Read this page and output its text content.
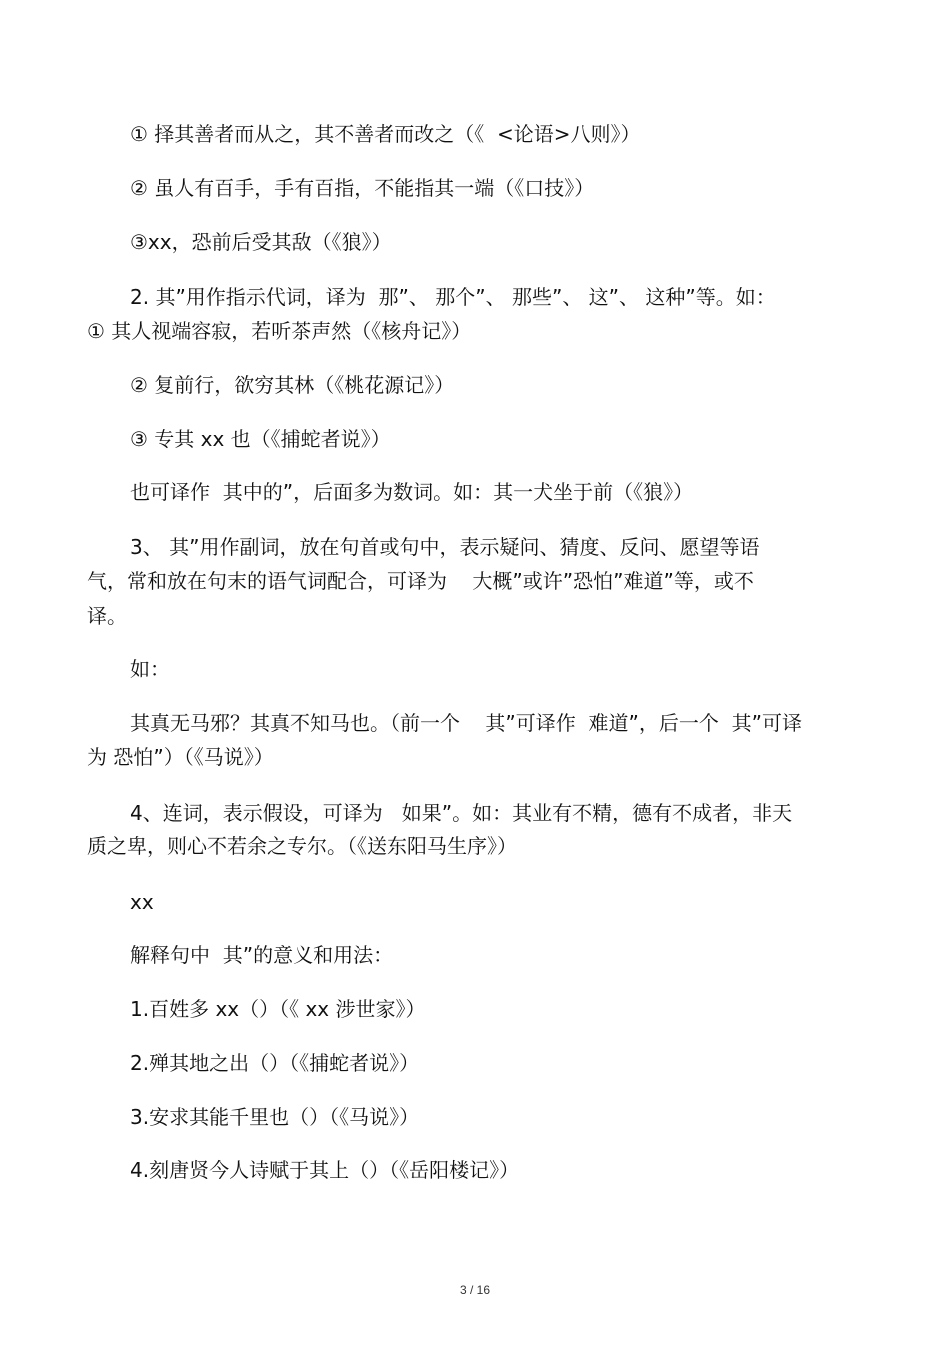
① 择其善者而从之，其不善者而改之（《  <论语>八则》）
② 虽人有百手，手有百指，不能指其一端（《口技》）
③xx，恐前后受其敌（《狼》）
2. 其”用作指示代词，译为  那”、 那个”、 那些”、 这”、 这种”等。如：
① 其人视端容寂，若听茶声然（《核舟记》）
② 复前行，欲穷其林（《桃花源记》）
③ 专其 xx 也（《捕蛇者说》）
也可译作  其中的”，后面多为数词。如：其一犬坐于前（《狼》）
3、 其”用作副词，放在句首或句中，表示疑问、猜度、反问、愿望等语
气，常和放在句末的语气词配合，可译为    大概”或许”恐怕”难道”等，或不
译。
如：
其真无马邪？其真不知马也。（前一个    其”可译作  难道”，后一个  其”可译
为 恐怕”）（《马说》）
4、连词，表示假设，可译为   如果”。如：其业有不精，德有不成者，非天
质之卑，则心不若余之专尔。（《送东阳马生序》）
xx
解释句中  其”的意义和用法：
1.百姓多 xx（）（《 xx 涉世家》）
2.殚其地之出（）（《捕蛇者说》）
3.安求其能千里也（）（《马说》）
4.刻唐贤今人诗赋于其上（）（《岳阳楼记》）
3 / 16
